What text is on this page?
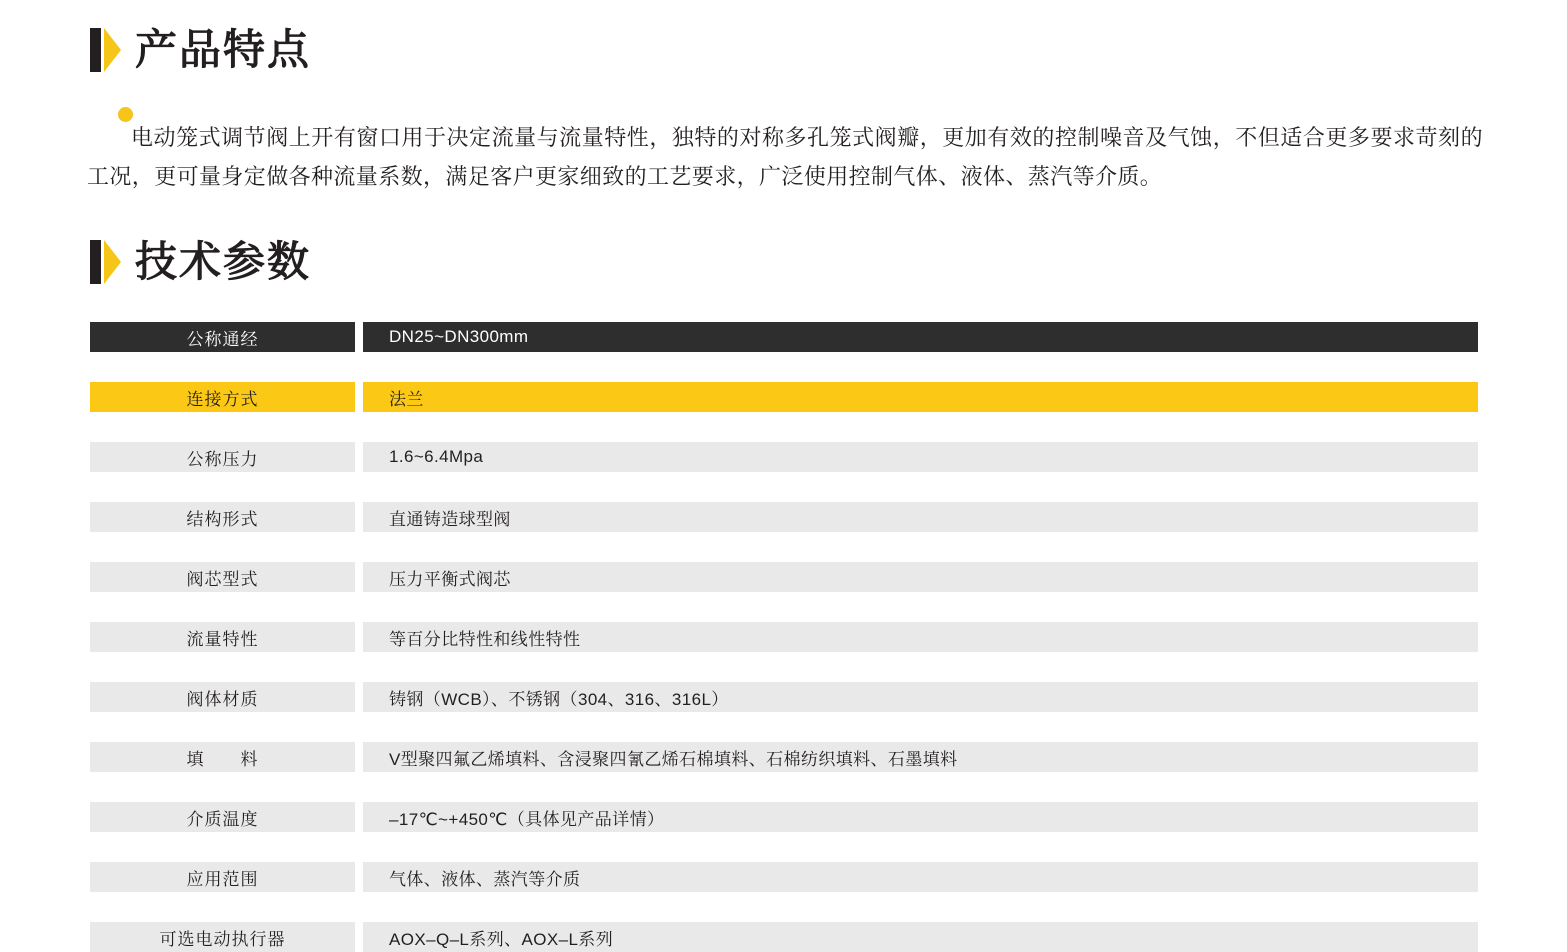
产品特点

电动笼式调节阀上开有窗口用于决定流量与流量特性，独特的对称多孔笼式阀瓣，更加有效的控制噪音及气蚀，不但适合更多要求苛刻的工况，更可量身定做各种流量系数，满足客户更家细致的工艺要求，广泛使用控制气体、液体、蒸汽等介质。

技术参数
公称通经		DN25~DN300mm

连接方式		法兰

公称压力		1.6~6.4Mpa

结构形式		直通铸造球型阀

阀芯型式		压力平衡式阀芯

流量特性		等百分比特性和线性特性

阀体材质		铸钢（WCB）、不锈钢（304、316、316L）

填　　料		V型聚四氟乙烯填料、含浸聚四氰乙烯石棉填料、石棉纺织填料、石墨填料

介质温度		–17℃~+450℃（具体见产品详情）

应用范围		气体、液体、蒸汽等介质

可选电动执行器		AOX–Q–L系列、AOX–L系列
